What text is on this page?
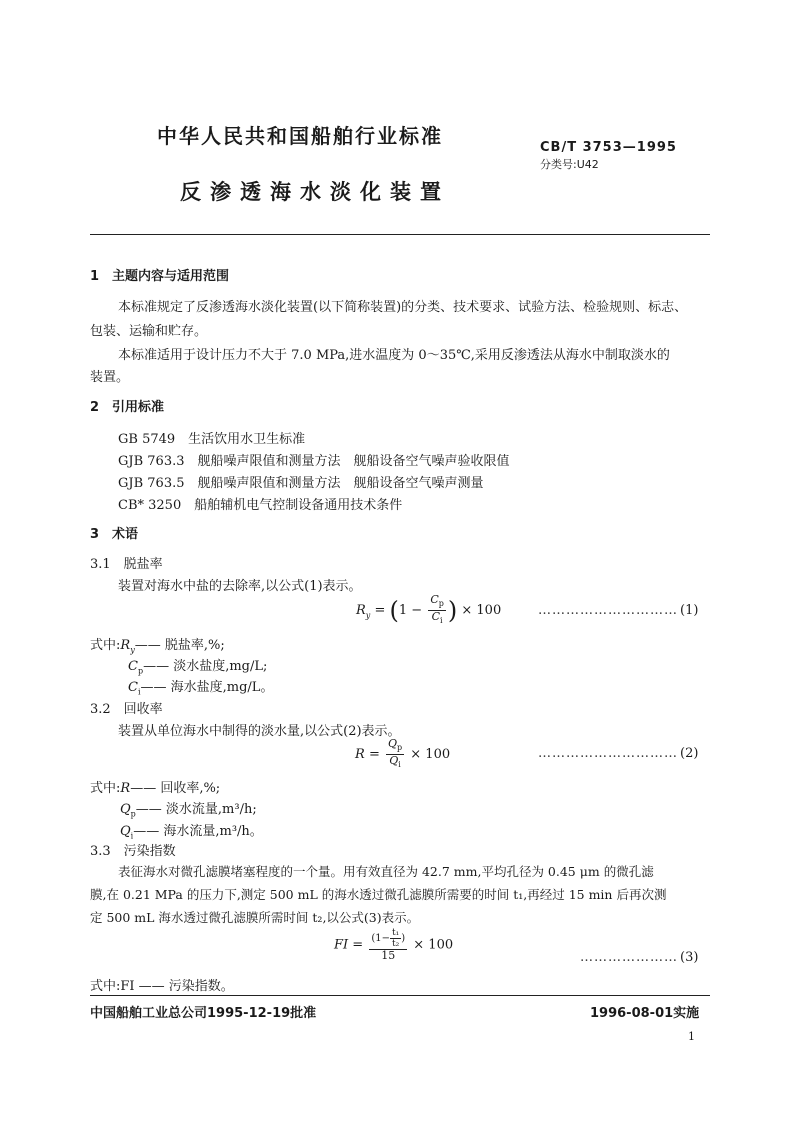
中华人民共和国船舶行业标准	CB/T 3753—1995
分类号:U42
反渗透海水淡化装置
1　主题内容与适用范围
本标准规定了反渗透海水淡化装置(以下简称装置)的分类、技术要求、试验方法、检验规则、标志、
包装、运输和贮存。
本标准适用于设计压力不大于 7.0 MPa,进水温度为 0～35℃,采用反渗透法从海水中制取淡水的
装置。
2　引用标准
GB 5749　生活饮用水卫生标准
GJB 763.3　舰船噪声限值和测量方法　舰船设备空气噪声验收限值
GJB 763.5　舰船噪声限值和测量方法　舰船设备空气噪声测量
CB* 3250　船舶辅机电气控制设备通用技术条件
3　术语
3.1　脱盐率
装置对海水中盐的去除率,以公式(1)表示。
$R_y = (1 - \frac{C_p}{C_i}$ ) × 100	………………………… (1)
式中$:R_y——$ 脱盐率,%;
$C_p——$ 淡水盐度,mg/L;
$C_i——$ 海水盐度,mg/L。
3.2　回收率
装置从单位海水中制得的淡水量,以公式(2)表示。
$R = \frac{Q_p}{Q_i} \times 100$	………………………… (2)
式中:R—— 回收率,%;
$Q_p——$ 淡水流量,m³/h;
$Q_i——$ 海水流量,m³/h。
3.3　污染指数
表征海水对微孔滤膜堵塞程度的一个量。用有效直径为 42.7 mm,平均孔径为 0.45 μm 的微孔滤
膜,在 0.21 MPa 的压力下,测定 500 mL 的海水透过微孔滤膜所需要的时间 t₁,再经过 15 min 后再次测
定 500 mL 海水透过微孔滤膜所需时间 t₂,以公式(3)表示。
FI = $\frac{(1- \frac{\text{t₁}}{\text{t₂}} )}{15} \times 100$
………………… (3)
式中:FI —— 污染指数。
中国船舶工业总公司1995-12-19批准	1996-08-01实施
1
